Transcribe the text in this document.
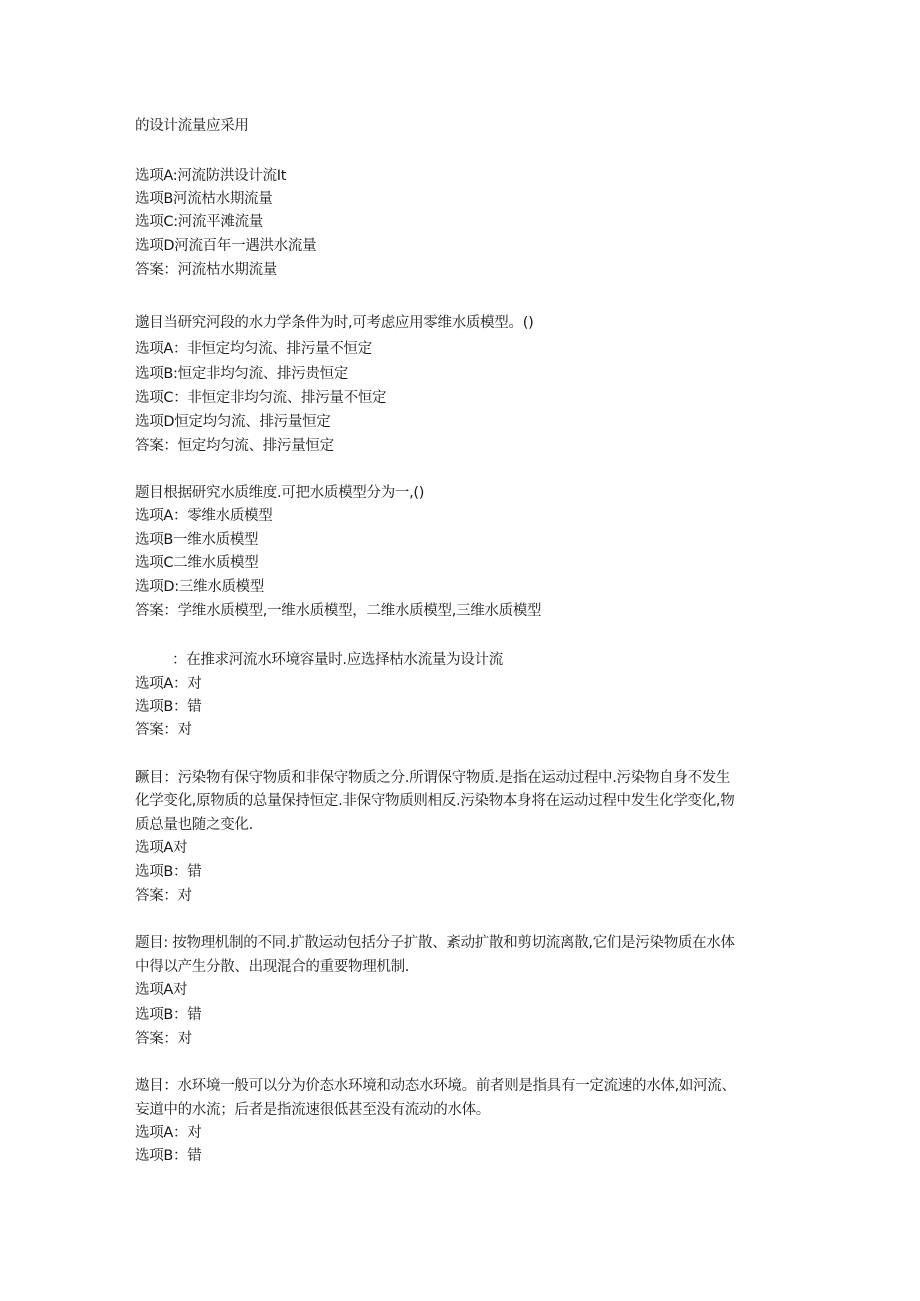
的设计流量应采用
选项A:河流防洪设计流It
选项B河流枯水期流量
选项C:河流平滩流量
选项D河流百年一遇洪水流量
答案：河流枯水期流量
邈目当研究河段的水力学条件为时,可考虑应用零维水质模型。()
选项A：非恒定均匀流、排污量不恒定
选项B:恒定非均匀流、排污贵恒定
选项C：非恒定非均匀流、排污量不恒定
选项D恒定均匀流、排污量恒定
答案：恒定均匀流、排污量恒定
题目根据研究水质维度.可把水质模型分为一,()
选项A：零维水质模型
选项B一维水质模型
选项C二维水质模型
选项D:三维水质模型
答案：学维水质模型,一维水质模型，二维水质模型,三维水质模型
：在推求河流水环境容量时.应选择枯水流量为设计流
选项A：对
选项B：错
答案：对
蹶目：污染物有保守物质和非保守物质之分.所谓保守物质.是指在运动过程中.污染物自身不发生
化学变化,原物质的总量保持恒定.非保守物质则相反.污染物本身将在运动过程中发生化学变化,物
质总量也随之变化.
选项A对
选项B：错
答案：对
题目: 按物理机制的不同.扩散运动包括分子扩散、紊动扩散和剪切流离散,它们是污染物质在水体
中得以产生分散、出现混合的重要物理机制.
选项A对
选项B：错
答案：对
遨目：水环境一般可以分为价态水环境和动态水环境。前者则是指具有一定流速的水体,如河流、
妄道中的水流；后者是指流速很低甚至没有流动的水体。
选项A：对
选项B：错
